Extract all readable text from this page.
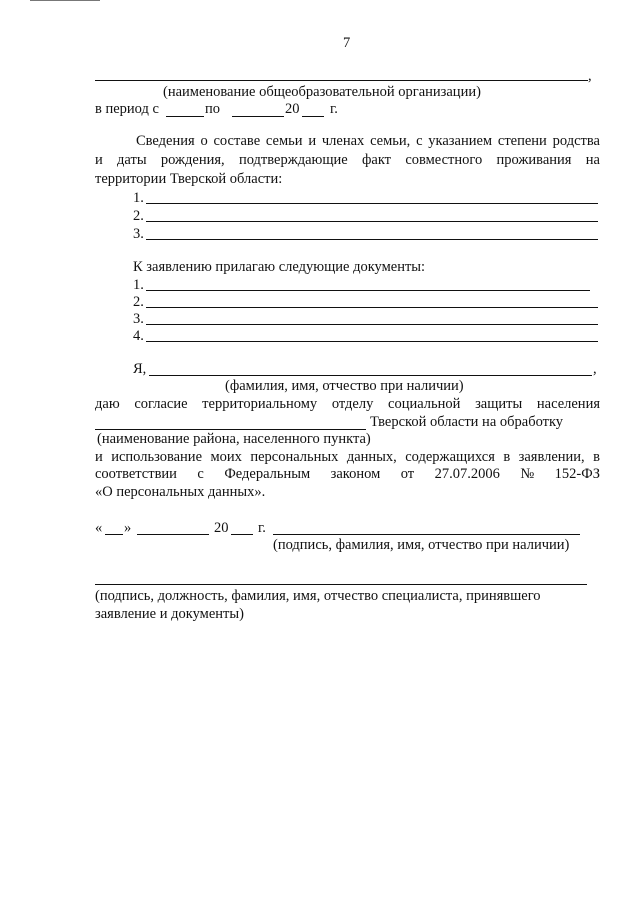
7
,
(наименование общеобразовательной организации)
в период с	по	20 г.
Сведения о составе семьи и членах семьи, с указанием степени родства
и даты рождения, подтверждающие факт совместного проживания на
территории Тверской области:
1.
2.
3.
К заявлению прилагаю следующие документы:
1.
2.
3.
4.
Я,	,
(фамилия, имя, отчество при наличии)
даю согласие территориальному отделу социальной защиты населения
Тверской области на обработку
(наименование района, населенного пункта)
и использование моих персональных данных, содержащихся в заявлении, в
соответствии с Федеральным законом от 27.07.2006 № 152-ФЗ
«О персональных данных».
« »	20 г.
(подпись, фамилия, имя, отчество при наличии)
(подпись, должность, фамилия, имя, отчество специалиста, принявшего
заявление и документы)
